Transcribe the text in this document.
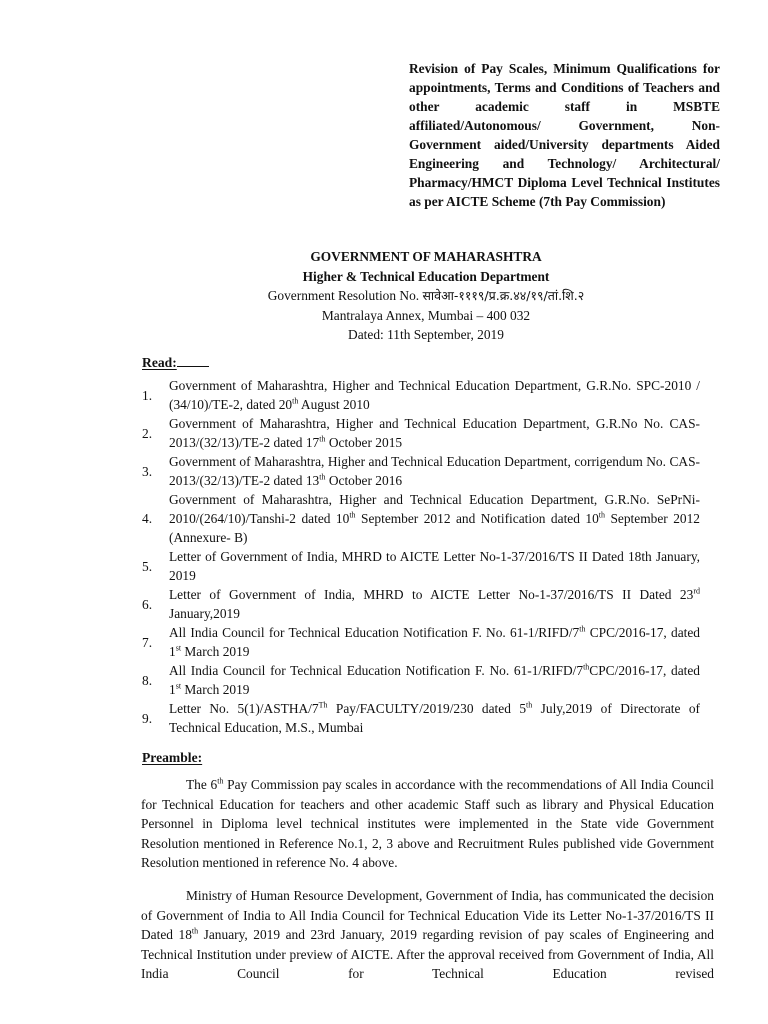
Revision of Pay Scales, Minimum Qualifications for appointments, Terms and Conditions of Teachers and other academic staff in MSBTE affiliated/Autonomous/ Government, Non-Government aided/University departments Aided Engineering and Technology/ Architectural/ Pharmacy/HMCT Diploma Level Technical Institutes as per AICTE Scheme (7th Pay Commission)
GOVERNMENT OF MAHARASHTRA
Higher & Technical Education Department
Government Resolution No. सावेआ-१११९/प्र.क्र.४४/१९/तां.शि.२
Mantralaya Annex, Mumbai – 400 032
Dated: 11th September, 2019
Read:
1.
Government of Maharashtra, Higher and Technical Education Department, G.R.No. SPC-2010 / (34/10)/TE-2, dated 20th August 2010
2.
Government of Maharashtra, Higher and Technical Education Department, G.R.No No. CAS-2013/(32/13)/TE-2 dated 17th October 2015
3.
Government of Maharashtra, Higher and Technical Education Department, corrigendum No. CAS-2013/(32/13)/TE-2 dated 13th October 2016
4.
Government of Maharashtra, Higher and Technical Education Department, G.R.No. SePrNi-2010/(264/10)/Tanshi-2 dated 10th September 2012 and Notification dated 10th September 2012 (Annexure- B)
5.
Letter of Government of India, MHRD to AICTE Letter No-1-37/2016/TS II Dated 18th January, 2019
6.
Letter of Government of India, MHRD to AICTE Letter No-1-37/2016/TS II Dated 23rd January,2019
7.
All India Council for Technical Education Notification F. No. 61-1/RIFD/7th CPC/2016-17, dated 1st March 2019
8.
All India Council for Technical Education Notification F. No. 61-1/RIFD/7thCPC/2016-17, dated 1st March 2019
9.
Letter No. 5(1)/ASTHA/7Th Pay/FACULTY/2019/230 dated 5th July,2019 of Directorate of Technical Education, M.S., Mumbai
Preamble:

The 6th Pay Commission pay scales in accordance with the recommendations of All India Council for Technical Education for teachers and other academic Staff such as library and Physical Education Personnel in Diploma level technical institutes were implemented in the State vide Government Resolution mentioned in Reference No.1, 2, 3 above and Recruitment Rules published vide Government Resolution mentioned in reference No. 4 above.

Ministry of Human Resource Development, Government of India, has communicated the decision of Government of India to All India Council for Technical Education Vide its Letter No-1-37/2016/TS II Dated 18th January, 2019 and 23rd January, 2019 regarding revision of pay scales of Engineering and Technical Institution under preview of AICTE. After the approval received from Government of India, All India Council for Technical Education revised
